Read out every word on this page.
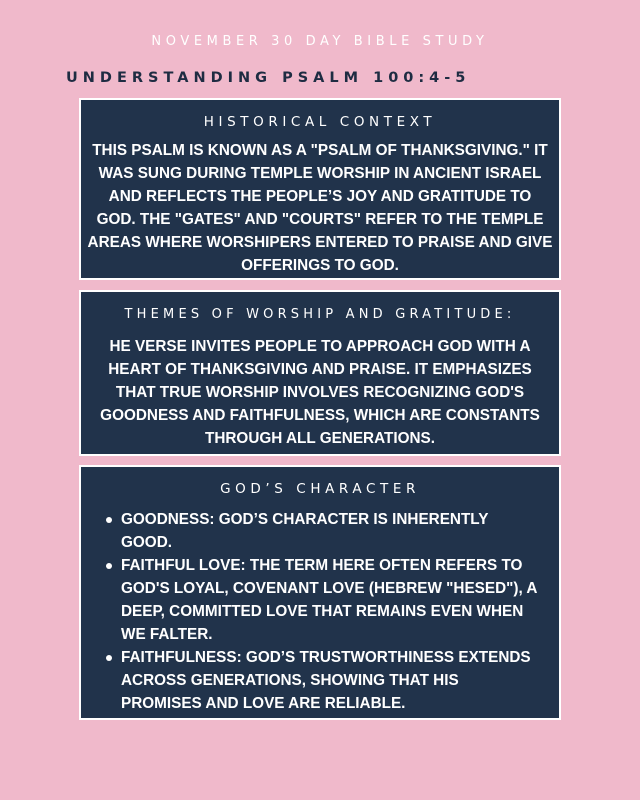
NOVEMBER 30 DAY BIBLE STUDY
UNDERSTANDING PSALM 100:4-5
HISTORICAL CONTEXT
THIS PSALM IS KNOWN AS A "PSALM OF THANKSGIVING." IT WAS SUNG DURING TEMPLE WORSHIP IN ANCIENT ISRAEL AND REFLECTS THE PEOPLE’S JOY AND GRATITUDE TO GOD. THE "GATES" AND "COURTS" REFER TO THE TEMPLE AREAS WHERE WORSHIPERS ENTERED TO PRAISE AND GIVE OFFERINGS TO GOD.
THEMES OF WORSHIP AND GRATITUDE:
HE VERSE INVITES PEOPLE TO APPROACH GOD WITH A HEART OF THANKSGIVING AND PRAISE. IT EMPHASIZES THAT TRUE WORSHIP INVOLVES RECOGNIZING GOD'S GOODNESS AND FAITHFULNESS, WHICH ARE CONSTANTS THROUGH ALL GENERATIONS.
GOD’S CHARACTER
GOODNESS: GOD’S CHARACTER IS INHERENTLY GOOD.
FAITHFUL LOVE: THE TERM HERE OFTEN REFERS TO GOD'S LOYAL, COVENANT LOVE (HEBREW "HESED"), A DEEP, COMMITTED LOVE THAT REMAINS EVEN WHEN WE FALTER.
FAITHFULNESS: GOD’S TRUSTWORTHINESS EXTENDS ACROSS GENERATIONS, SHOWING THAT HIS PROMISES AND LOVE ARE RELIABLE.
